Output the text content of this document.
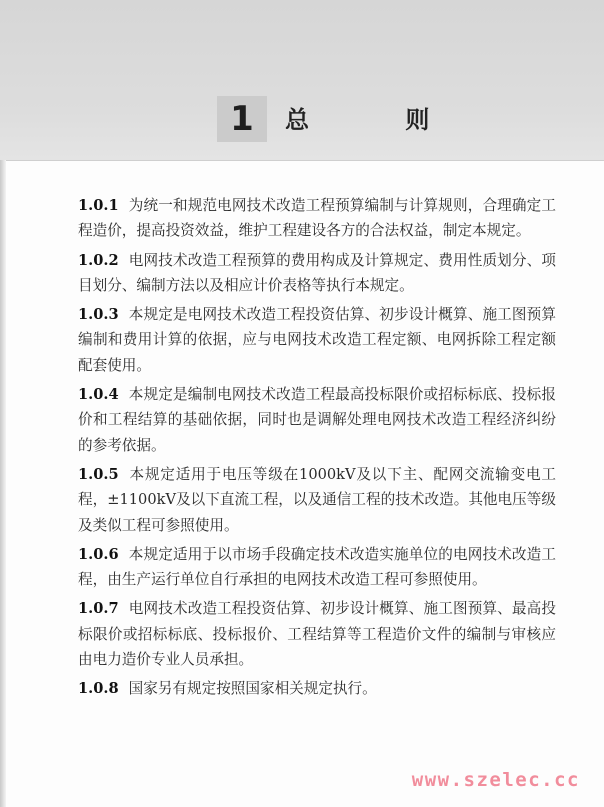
1	总 则

1.0.1 为统一和规范电网技术改造工程预算编制与计算规则，合理确定工程造价，提高投资效益，维护工程建设各方的合法权益，制定本规定。

1.0.2 电网技术改造工程预算的费用构成及计算规定、费用性质划分、项目划分、编制方法以及相应计价表格等执行本规定。

1.0.3 本规定是电网技术改造工程投资估算、初步设计概算、施工图预算编制和费用计算的依据，应与电网技术改造工程定额、电网拆除工程定额配套使用。

1.0.4 本规定是编制电网技术改造工程最高投标限价或招标标底、投标报价和工程结算的基础依据，同时也是调解处理电网技术改造工程经济纠纷的参考依据。

1.0.5 本规定适用于电压等级在1000kV及以下主、配网交流输变电工程，±1100kV及以下直流工程，以及通信工程的技术改造。其他电压等级及类似工程可参照使用。

1.0.6 本规定适用于以市场手段确定技术改造实施单位的电网技术改造工程，由生产运行单位自行承担的电网技术改造工程可参照使用。

1.0.7 电网技术改造工程投资估算、初步设计概算、施工图预算、最高投标限价或招标标底、投标报价、工程结算等工程造价文件的编制与审核应由电力造价专业人员承担。

1.0.8 国家另有规定按照国家相关规定执行。

www.szelec.cc
